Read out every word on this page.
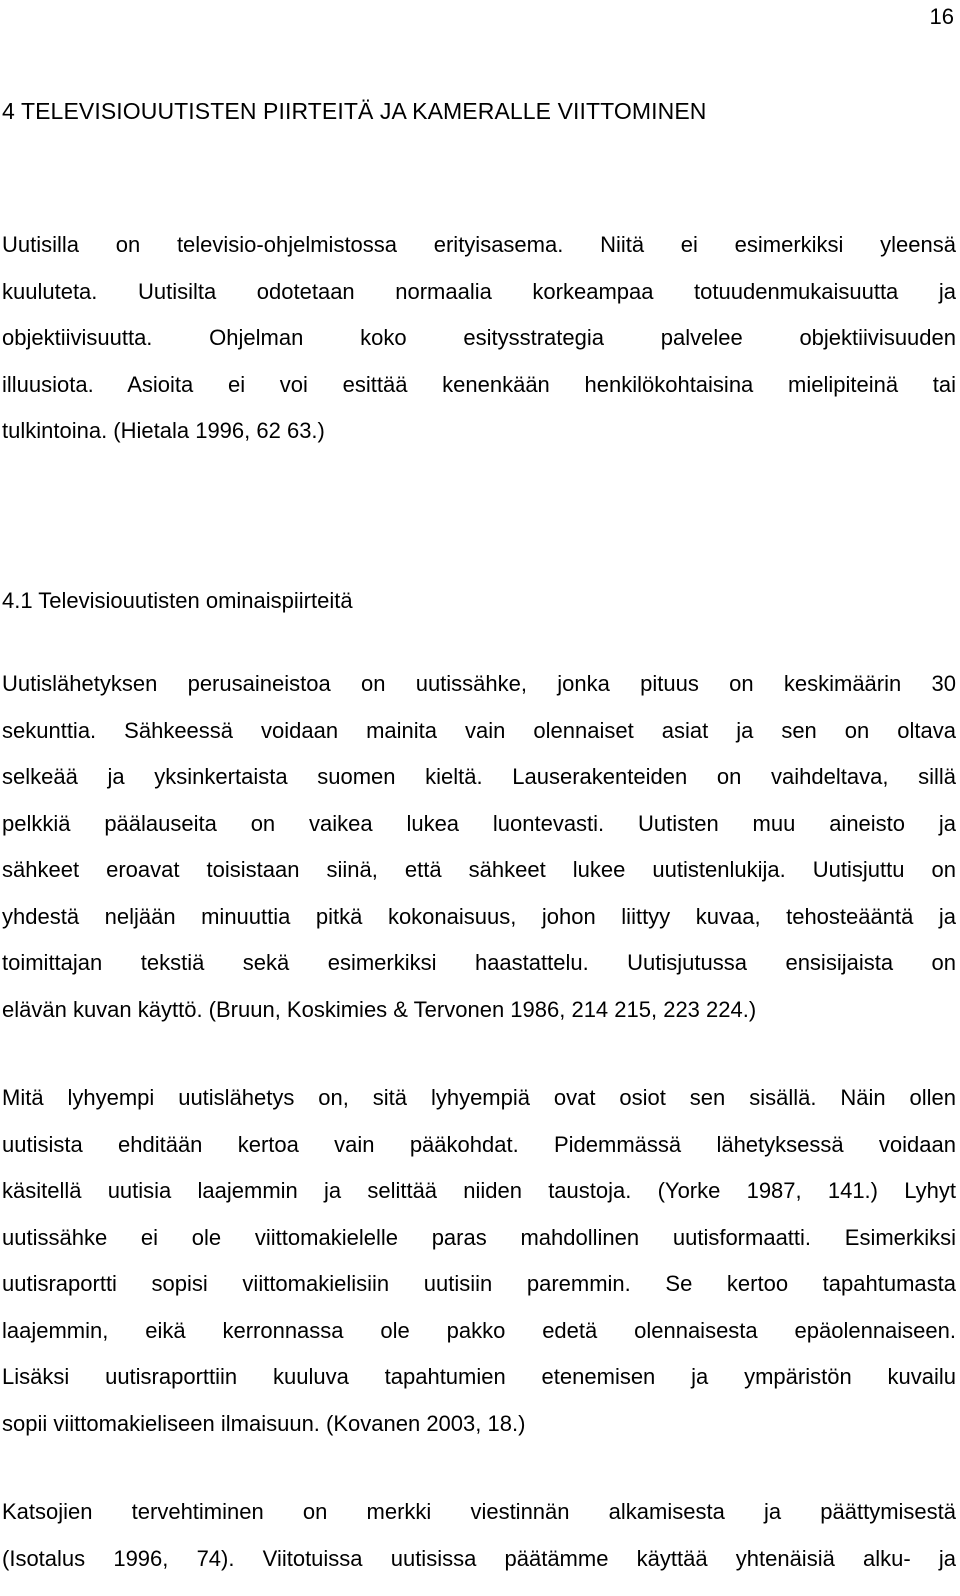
16
4 TELEVISIOUUTISTEN PIIRTEITÄ JA KAMERALLE VIITTOMINEN
Uutisilla on televisio-ohjelmistossa erityisasema. Niitä ei esimerkiksi yleensä
kuuluteta. Uutisilta odotetaan normaalia korkeampaa totuudenmukaisuutta ja
objektiivisuutta. Ohjelman koko esitysstrategia palvelee objektiivisuuden
illuusiota. Asioita ei voi esittää kenenkään henkilökohtaisina mielipiteinä tai
tulkintoina. (Hietala 1996, 62 63.)
4.1 Televisiouutisten ominaispiirteitä
Uutislähetyksen perusaineistoa on uutissähke, jonka pituus on keskimäärin 30
sekunttia. Sähkeessä voidaan mainita vain olennaiset asiat ja sen on oltava
selkeää ja yksinkertaista suomen kieltä. Lauserakenteiden on vaihdeltava, sillä
pelkkiä päälauseita on vaikea lukea luontevasti. Uutisten muu aineisto ja
sähkeet eroavat toisistaan siinä, että sähkeet lukee uutistenlukija. Uutisjuttu on
yhdestä neljään minuuttia pitkä kokonaisuus, johon liittyy kuvaa, tehosteääntä ja
toimittajan tekstiä sekä esimerkiksi haastattelu. Uutisjutussa ensisijaista on
elävän kuvan käyttö. (Bruun, Koskimies & Tervonen 1986, 214 215, 223 224.)
Mitä lyhyempi uutislähetys on, sitä lyhyempiä ovat osiot sen sisällä. Näin ollen
uutisista ehditään kertoa vain pääkohdat. Pidemmässä lähetyksessä voidaan
käsitellä uutisia laajemmin ja selittää niiden taustoja. (Yorke 1987, 141.) Lyhyt
uutissähke ei ole viittomakielelle paras mahdollinen uutisformaatti. Esimerkiksi
uutisraportti sopisi viittomakielisiin uutisiin paremmin. Se kertoo tapahtumasta
laajemmin, eikä kerronnassa ole pakko edetä olennaisesta epäolennaiseen.
Lisäksi uutisraporttiin kuuluva tapahtumien etenemisen ja ympäristön kuvailu
sopii viittomakieliseen ilmaisuun. (Kovanen 2003, 18.)
Katsojien tervehtiminen on merkki viestinnän alkamisesta ja päättymisestä
(Isotalus 1996, 74). Viitotuissa uutisissa päätämme käyttää yhtenäisiä alku- ja
